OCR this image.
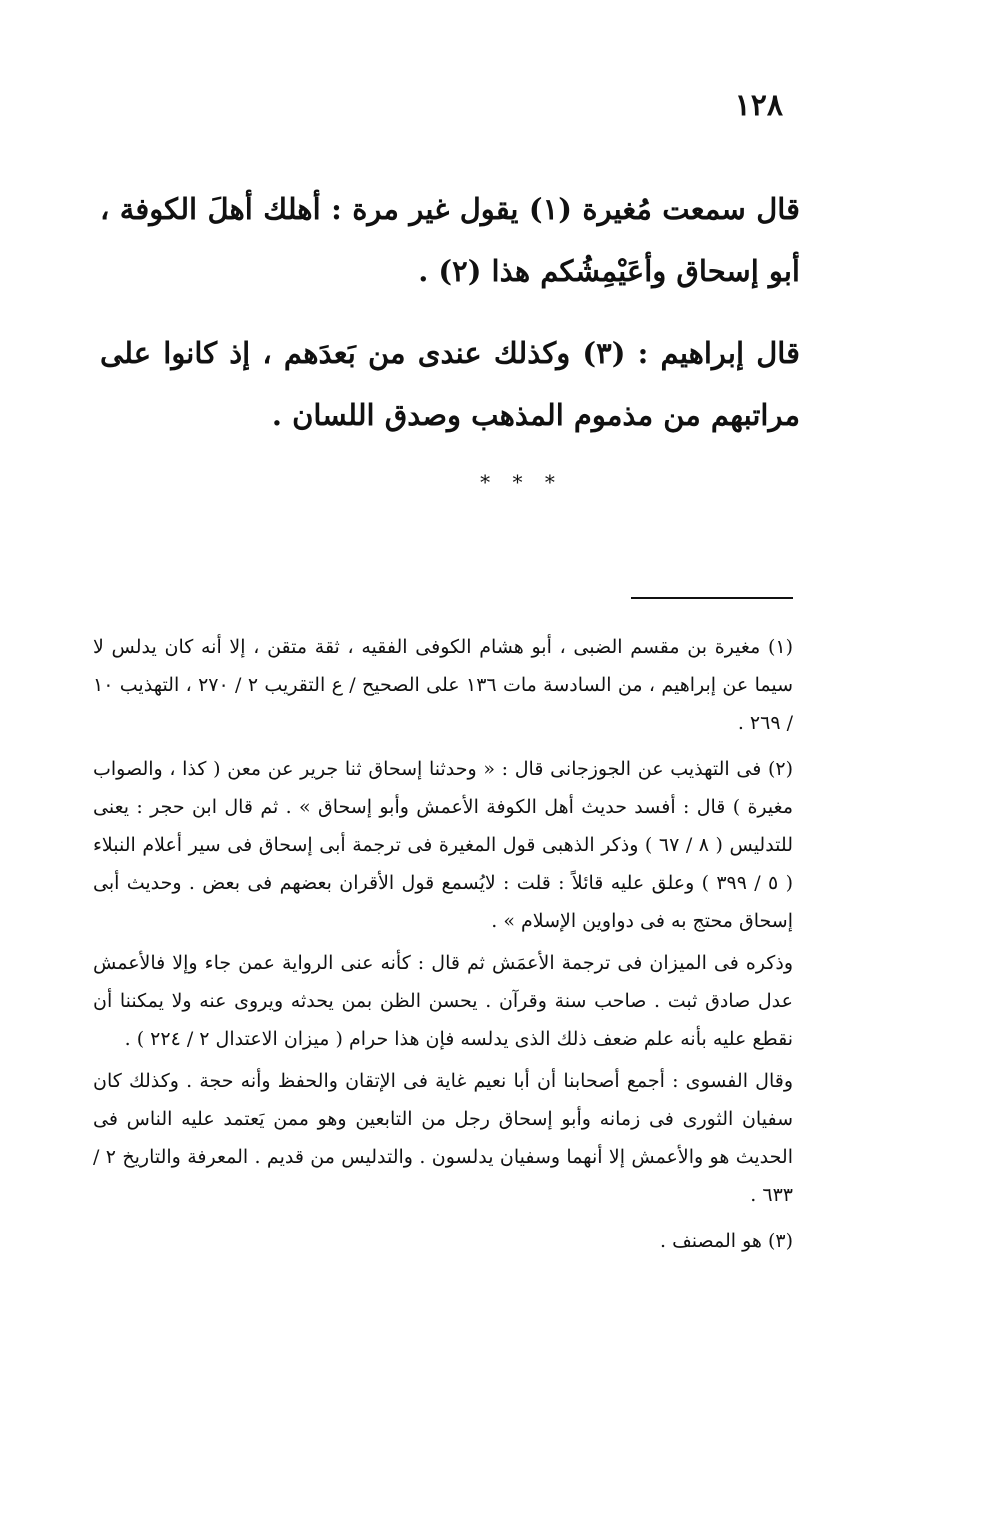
١٢٨

قال سمعت مُغيرة (١) يقول غير مرة : أهلك أهلَ الكوفة ، أبو إسحاق وأعَيْمِشُكم هذا (٢) .

قال إبراهيم : (٣) وكذلك عندى من بَعدَهم ، إذ كانوا على مراتبهم من مذموم المذهب وصدق اللسان .

* * *

(١) مغيرة بن مقسم الضبى ، أبو هشام الكوفى الفقيه ، ثقة متقن ، إلا أنه كان يدلس لا سيما عن إبراهيم ، من السادسة مات ١٣٦ على الصحيح / ع التقريب ٢ / ٢٧٠ ، التهذيب ١٠ / ٢٦٩ .

(٢) فى التهذيب عن الجوزجانى قال : « وحدثنا إسحاق ثنا جرير عن معن ( كذا ، والصواب مغيرة ) قال : أفسد حديث أهل الكوفة الأعمش وأبو إسحاق » . ثم قال ابن حجر : يعنى للتدليس ( ٨ / ٦٧ ) وذكر الذهبى قول المغيرة فى ترجمة أبى إسحاق فى سير أعلام النبلاء ( ٥ / ٣٩٩ ) وعلق عليه قائلاً : قلت : لايُسمع قول الأقران بعضهم فى بعض . وحديث أبى إسحاق محتج به فى دواوين الإسلام » .

وذكره فى الميزان فى ترجمة الأعمَش ثم قال : كأنه عنى الرواية عمن جاء وإلا فالأعمش عدل صادق ثبت . صاحب سنة وقرآن . يحسن الظن بمن يحدثه ويروى عنه ولا يمكننا أن نقطع عليه بأنه علم ضعف ذلك الذى يدلسه فإن هذا حرام ( ميزان الاعتدال ٢ / ٢٢٤ ) .

وقال الفسوى : أجمع أصحابنا أن أبا نعيم غاية فى الإتقان والحفظ وأنه حجة . وكذلك كان سفيان الثورى فى زمانه وأبو إسحاق رجل من التابعين وهو ممن يَعتمد عليه الناس فى الحديث هو والأعمش إلا أنهما وسفيان يدلسون . والتدليس من قديم . المعرفة والتاريخ ٢ / ٦٣٣ .

(٣) هو المصنف .
